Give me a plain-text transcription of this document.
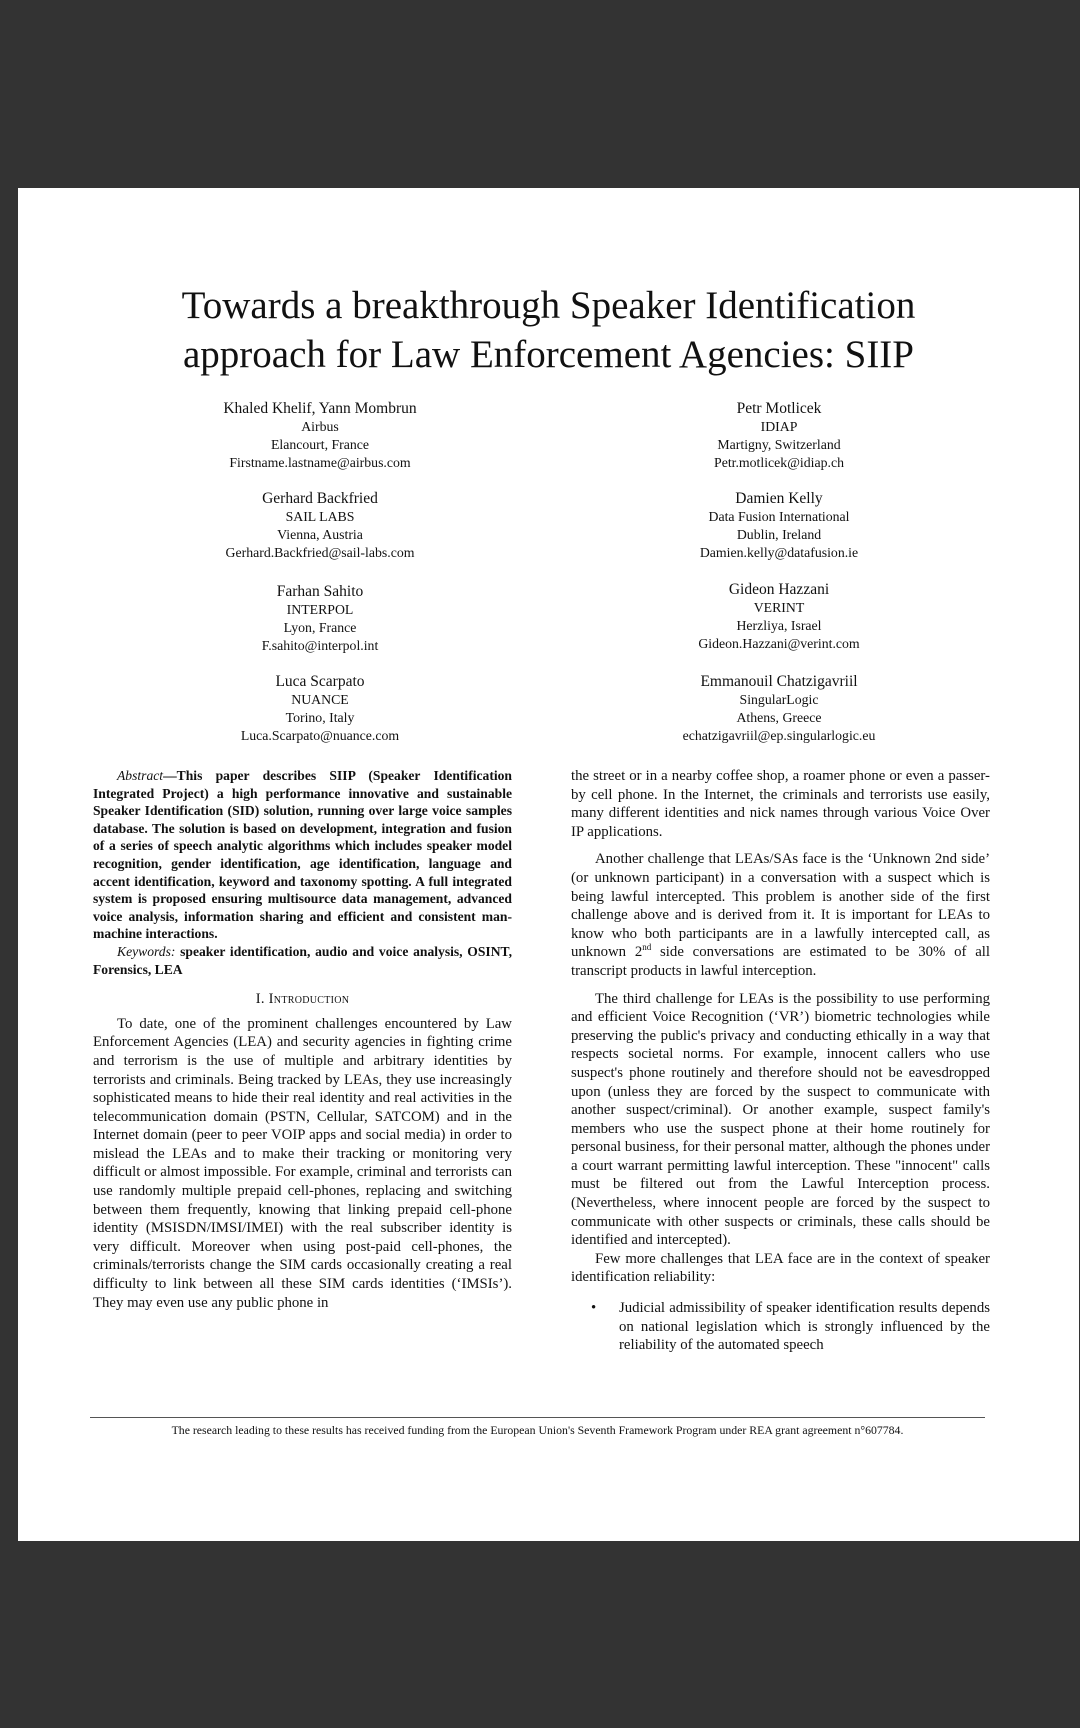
Towards a breakthrough Speaker Identification
approach for Law Enforcement Agencies: SIIP
Khaled Khelif, Yann Mombrun
Airbus
Elancourt, France
Firstname.lastname@airbus.com
Gerhard Backfried
SAIL LABS
Vienna, Austria
Gerhard.Backfried@sail-labs.com
Farhan Sahito
INTERPOL
Lyon, France
F.sahito@interpol.int
Luca Scarpato
NUANCE
Torino, Italy
Luca.Scarpato@nuance.com
Petr Motlicek
IDIAP
Martigny, Switzerland
Petr.motlicek@idiap.ch
Damien Kelly
Data Fusion International
Dublin, Ireland
Damien.kelly@datafusion.ie
Gideon Hazzani
VERINT
Herzliya, Israel
Gideon.Hazzani@verint.com
Emmanouil Chatzigavriil
SingularLogic
Athens, Greece
echatzigavriil@ep.singularlogic.eu

Abstract—This paper describes SIIP (Speaker Identification Integrated Project) a high performance innovative and sustainable Speaker Identification (SID) solution, running over large voice samples database. The solution is based on development, integration and fusion of a series of speech analytic algorithms which includes speaker model recognition, gender identification, age identification, language and accent identification, keyword and taxonomy spotting. A full integrated system is proposed ensuring multisource data management, advanced voice analysis, information sharing and efficient and consistent man-machine interactions.

Keywords: speaker identification, audio and voice analysis, OSINT, Forensics, LEA

I. Introduction

To date, one of the prominent challenges encountered by Law Enforcement Agencies (LEA) and security agencies in fighting crime and terrorism is the use of multiple and arbitrary identities by terrorists and criminals. Being tracked by LEAs, they use increasingly sophisticated means to hide their real identity and real activities in the telecommunication domain (PSTN, Cellular, SATCOM) and in the Internet domain (peer to peer VOIP apps and social media) in order to mislead the LEAs and to make their tracking or monitoring very difficult or almost impossible. For example, criminal and terrorists can use randomly multiple prepaid cell-phones, replacing and switching between them frequently, knowing that linking prepaid cell-phone identity (MSISDN/IMSI/IMEI) with the real subscriber identity is very difficult. Moreover when using post-paid cell-phones, the criminals/terrorists change the SIM cards occasionally creating a real difficulty to link between all these SIM cards identities (‘IMSIs’). They may even use any public phone in

the street or in a nearby coffee shop, a roamer phone or even a passer-by cell phone. In the Internet, the criminals and terrorists use easily, many different identities and nick names through various Voice Over IP applications.

Another challenge that LEAs/SAs face is the ‘Unknown 2nd side’ (or unknown participant) in a conversation with a suspect which is being lawful intercepted. This problem is another side of the first challenge above and is derived from it. It is important for LEAs to know who both participants are in a lawfully intercepted call, as unknown 2nd side conversations are estimated to be 30% of all transcript products in lawful interception.

The third challenge for LEAs is the possibility to use performing and efficient Voice Recognition (‘VR’) biometric technologies while preserving the public's privacy and conducting ethically in a way that respects societal norms. For example, innocent callers who use suspect's phone routinely and therefore should not be eavesdropped upon (unless they are forced by the suspect to communicate with another suspect/criminal). Or another example, suspect family's members who use the suspect phone at their home routinely for personal business, for their personal matter, although the phones under a court warrant permitting lawful interception. These "innocent" calls must be filtered out from the Lawful Interception process. (Nevertheless, where innocent people are forced by the suspect to communicate with other suspects or criminals, these calls should be identified and intercepted).

Few more challenges that LEA face are in the context of speaker identification reliability:

•	Judicial admissibility of speaker identification results depends on national legislation which is strongly influenced by the reliability of the automated speech
The research leading to these results has received funding from the European Union's Seventh Framework Program under REA grant agreement n°607784.
